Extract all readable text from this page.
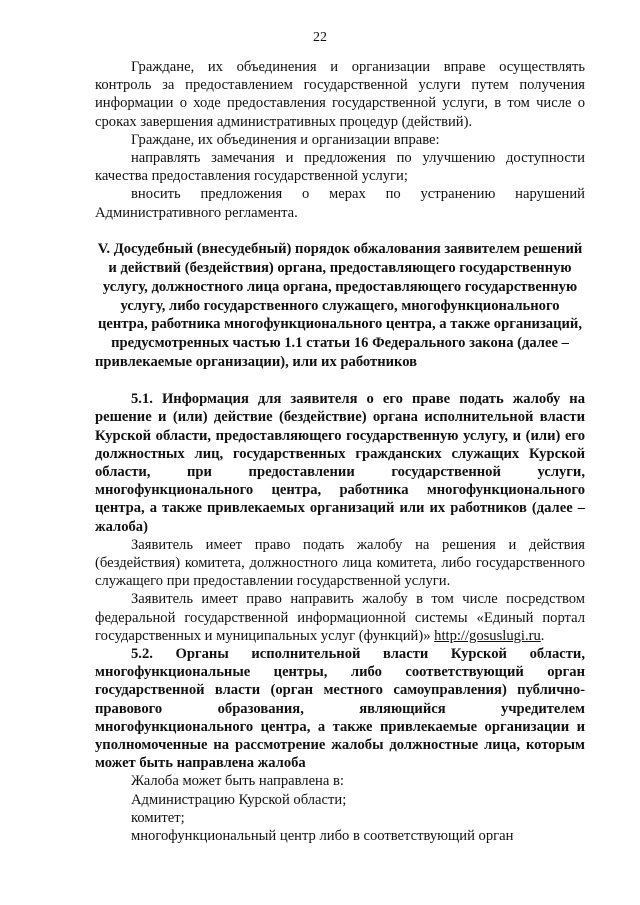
22

Граждане, их объединения и организации вправе осуществлять контроль за предоставлением государственной услуги путем получения информации о ходе предоставления государственной услуги, в том числе о сроках завершения административных процедур (действий).

Граждане, их объединения и организации вправе:

направлять замечания и предложения по улучшению доступности качества предоставления государственной услуги;

вносить предложения о мерах по устранению нарушений Административного регламента.

V. Досудебный (внесудебный) порядок обжалования заявителем решений и действий (бездействия) органа, предоставляющего государственную услугу, должностного лица органа, предоставляющего государственную услугу, либо государственного служащего, многофункционального центра, работника многофункционального центра, а также организаций, предусмотренных частью 1.1 статьи 16 Федерального закона (далее – привлекаемые организации), или их работников

5.1. Информация для заявителя о его праве подать жалобу на решение и (или) действие (бездействие) органа исполнительной власти Курской области, предоставляющего государственную услугу, и (или) его должностных лиц, государственных гражданских служащих Курской области, при предоставлении государственной услуги, многофункционального центра, работника многофункционального центра, а также привлекаемых организаций или их работников (далее – жалоба)

Заявитель имеет право подать жалобу на решения и действия (бездействия) комитета, должностного лица комитета, либо государственного служащего при предоставлении государственной услуги.

Заявитель имеет право направить жалобу в том числе посредством федеральной государственной информационной системы «Единый портал государственных и муниципальных услуг (функций)» http://gosuslugi.ru.

5.2. Органы исполнительной власти Курской области, многофункциональные центры, либо соответствующий орган государственной власти (орган местного самоуправления) публично-правового образования, являющийся учредителем многофункционального центра, а также привлекаемые организации и уполномоченные на рассмотрение жалобы должностные лица, которым может быть направлена жалоба

Жалоба может быть направлена в:

Администрацию Курской области;

комитет;

многофункциональный центр либо в соответствующий орган
